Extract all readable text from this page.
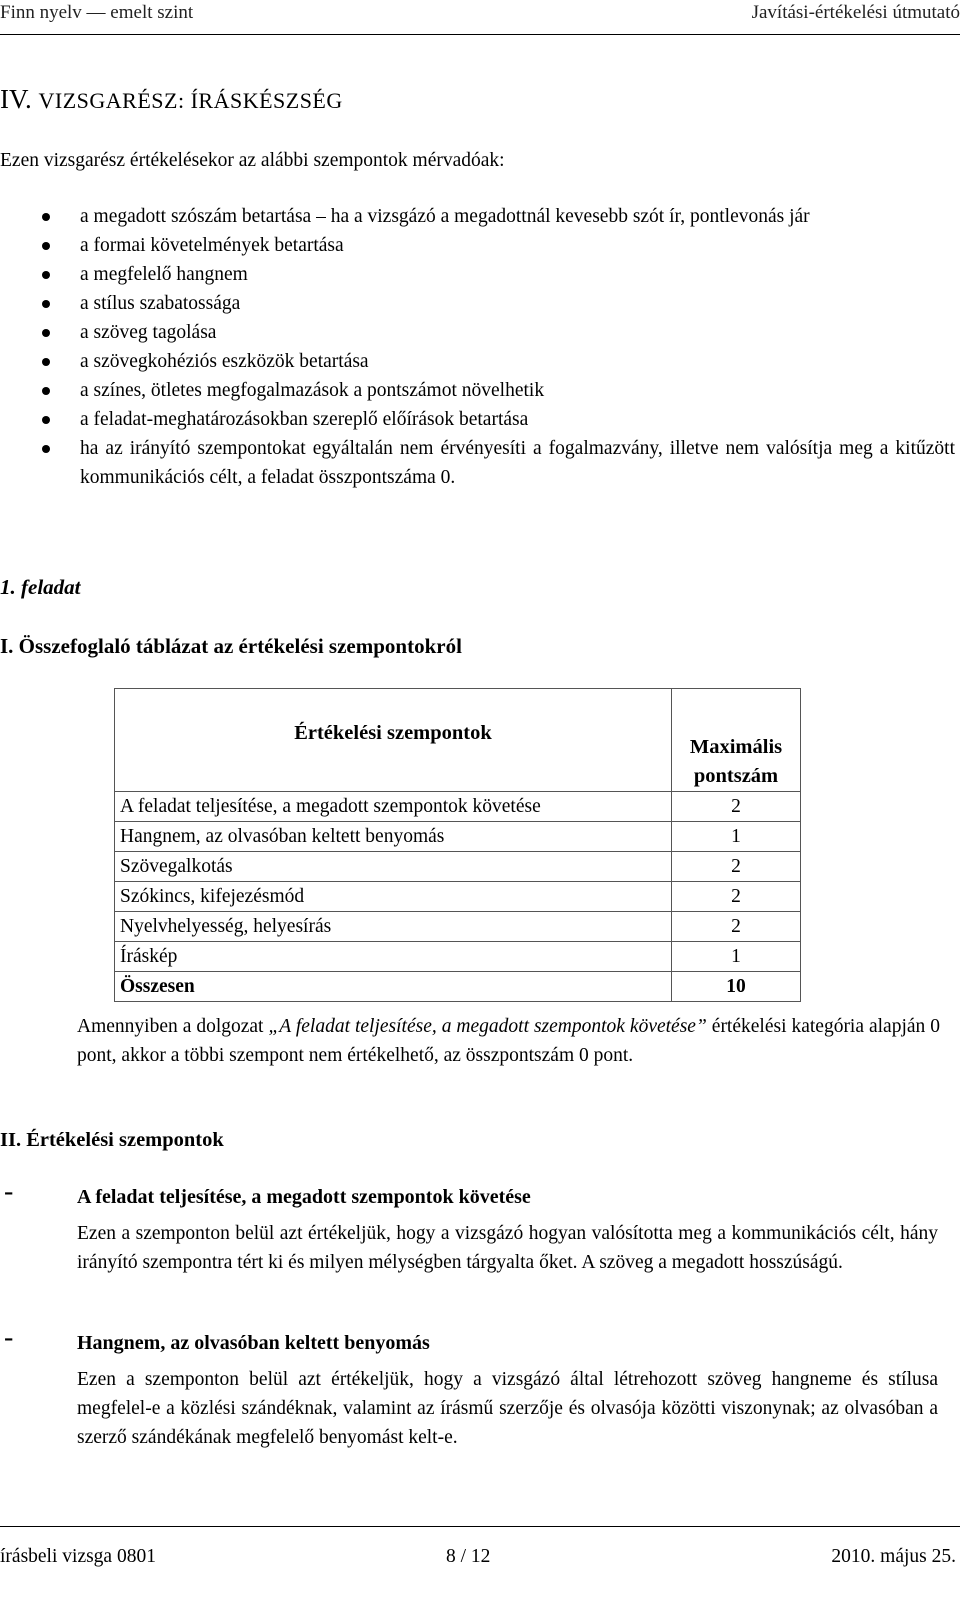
Finn nyelv — emelt szint	Javítási-értékelési útmutató
IV. VIZSGARÉSZ: ÍRÁSKÉSZSÉG
Ezen vizsgarész értékelésekor az alábbi szempontok mérvadóak:
a megadott szószám betartása – ha a vizsgázó a megadottnál kevesebb szót ír, pontlevonás jár
a formai követelmények betartása
a megfelelő hangnem
a stílus szabatossága
a szöveg tagolása
a szövegkohéziós eszközök betartása
a színes, ötletes megfogalmazások a pontszámot növelhetik
a feladat-meghatározásokban szereplő előírások betartása
ha az irányító szempontokat egyáltalán nem érvényesíti a fogalmazvány, illetve nem valósítja meg a kitűzött kommunikációs célt, a feladat összpontszáma 0.
1. feladat
I. Összefoglaló táblázat az értékelési szempontokról
Értékelési szempontok	Maximális pontszám
A feladat teljesítése, a megadott szempontok követése	2
Hangnem, az olvasóban keltett benyomás	1
Szövegalkotás	2
Szókincs, kifejezésmód	2
Nyelvhelyesség, helyesírás	2
Íráskép	1
Összesen	10
Amennyiben a dolgozat „A feladat teljesítése, a megadott szempontok követése” értékelési kategória alapján 0 pont, akkor a többi szempont nem értékelhető, az összpontszám 0 pont.
II. Értékelési szempontok
-	A feladat teljesítése, a megadott szempontok követése
Ezen a szemponton belül azt értékeljük, hogy a vizsgázó hogyan valósította meg a kommunikációs célt, hány irányító szempontra tért ki és milyen mélységben tárgyalta őket. A szöveg a megadott hosszúságú.
-	Hangnem, az olvasóban keltett benyomás
Ezen a szemponton belül azt értékeljük, hogy a vizsgázó által létrehozott szöveg hangneme és stílusa megfelel-e a közlési szándéknak, valamint az írásmű szerzője és olvasója közötti viszonynak; az olvasóban a szerző szándékának megfelelő benyomást kelt-e.
írásbeli vizsga 0801	8 / 12	2010. május 25.
